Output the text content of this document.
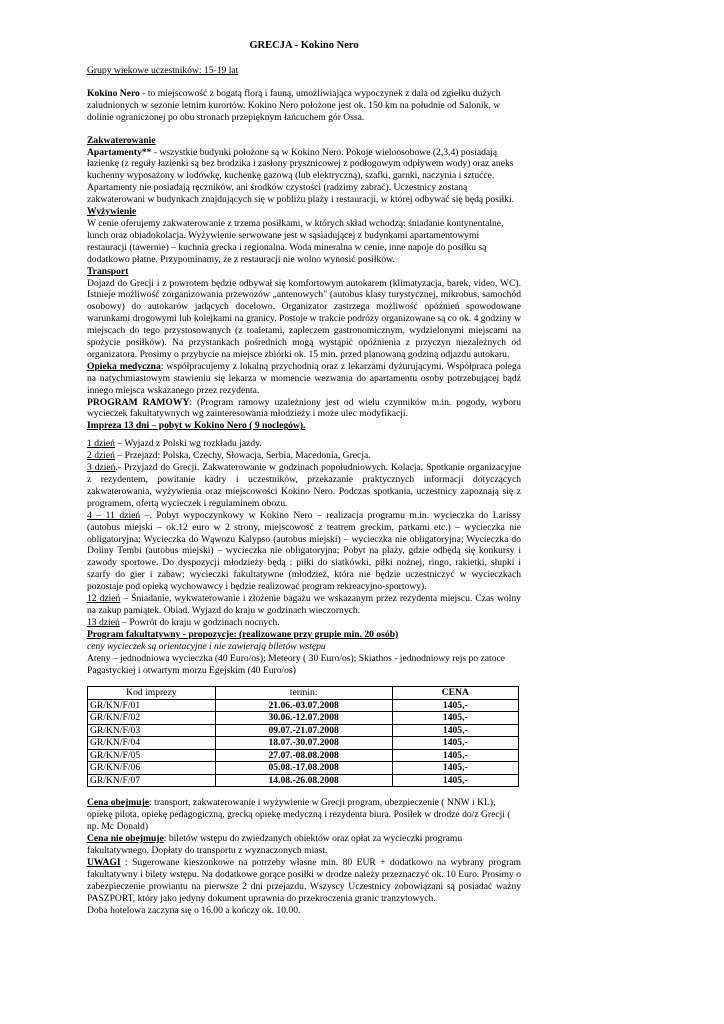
GRECJA - Kokino Nero

Grupy wiekowe uczestników: 15-19 lat

Kokino Nero - to miejscowość z bogatą florą i fauną, umożliwiająca wypoczynek z dala od zgiełku dużych zaludnionych w sezonie letnim kurortów. Kokino Nero położone jest ok. 150 km na południe od Salonik, w dolinie ograniczonej po obu stronach przepięknym łańcuchem gór Ossa.

Zakwaterowanie

Apartamenty** - wszystkie budynki położone są w Kokino Nero. Pokoje wieloosobowe (2,3,4) posiadają łazienkę (z reguły łazienki są bez brodzika i zasłony prysznicowej z podłogowym odpływem wody) oraz aneks kuchenny wyposażony w lodówkę, kuchenkę gazową (lub elektryczną), szafki, garnki, naczynia i sztućce. Apartamenty nie posiadają ręczników, ani środków czystości (radzimy zabrać). Uczestnicy zostaną zakwaterowani w budynkach znajdujących się w pobliżu plaży i restauracji, w której odbywać się będą posiłki.

Wyżywienie

W cenie oferujemy zakwaterowanie z trzema posiłkami, w których skład wchodzą: śniadanie kontynentalne, lunch oraz obiadokolacja. Wyżywienie serwowane jest w sąsiadującej z budynkami apartamentowymi restauracji (tawernie) – kuchnia grecka i regionalna. Woda mineralna w cenie, inne napoje do posiłku są dodatkowo płatne. Przypominamy, że z restauracji nie wolno wynosić posiłków.

Transport

Dojazd do Grecji i z powrotem będzie odbywał się komfortowym autokarem (klimatyzacja, barek, video, WC). Istnieje możliwość zorganizowania przewozów „antenowych" (autobus klasy turystycznej, mikrobus, samochód osobowy) do autokarów jadących docelowo. Organizator zastrzega możliwość opóźnień spowodowane warunkami drogowymi lub kolejkami na granicy. Postoje w trakcie podróży organizowane są co ok. 4 godziny w miejscach do tego przystosowanych (z toaletami, zapleczem gastronomicznym, wydzielonymi miejscami na spożycie posiłków). Na przystankach pośrednich mogą wystąpić opóźnienia z przyczyn niezależnych od organizatora. Prosimy o przybycie na miejsce zbiórki ok. 15 min. przed planowaną godziną odjazdu autokaru.

Opieka medyczna: współpracujemy z lokalną przychodnią oraz z lekarzami dyżurującymi. Współpraca polega na natychmiastowym stawieniu się lekarza w momencie wezwania do apartamentu osoby potrzebującej bądź innego miejsca wskazanego przez rezydenta.

PROGRAM RAMOWY: (Program ramowy uzależniony jest od wielu czynników m.in. pogody, wyboru wycieczek fakultatywnych wg zainteresowania młodzieży i może ulec modyfikacji.

Impreza 13 dni – pobyt w Kokino Nero ( 9 noclegów).

1 dzień – Wyjazd z Polski wg rozkładu jazdy.

2 dzień – Przejazd: Polska, Czechy, Słowacja, Serbia, Macedonia, Grecja.

3 dzień.- Przyjazd do Grecji. Zakwaterowanie w godzinach popołudniowych. Kolacja. Spotkanie organizacyjne z rezydentem, powitanie kadry i uczestników, przekazanie praktycznych informacji dotyczących zakwaterowania, wyżywienia oraz miejscowości Kokino Nero. Podczas spotkania, uczestnicy zapoznają się z programem, ofertą wycieczek i regulaminem obozu.

4 – 11 dzień –. Pobyt wypoczynkowy w Kokino Nero – realizacja programu m.in. wycieczka do Larissy (autobus miejski – ok.12 euro w 2 strony, miejscowość z teatrem greckim, parkami etc.) – wycieczka nie obligatoryjna; Wycieczka do Wąwozu Kalypso (autobus miejski) – wycieczka nie obligatoryjna; Wycieczka do Doliny Tembi (autobus miejski) – wycieczka nie obligatoryjna; Pobyt na plaży, gdzie odbędą się konkursy i zawody sportowe. Do dyspozycji młodzieży będą : piłki do siatkówki, piłki nożnej, ringo, rakietki, słupki i szarfy do gier i zabaw; wycieczki fakultatywne (młodzież, która nie będzie uczestniczyć w wycieczkach pozostaje pod opieką wychowawcy i będzie realizować program rekreacyjno-sportowy).

12 dzień – Śniadanie, wykwaterowanie i złożenie bagażu we wskazanym przez rezydenta miejscu. Czas wolny na zakup pamiątek. Obiad. Wyjazd do kraju w godzinach wieczornych.

13 dzień – Powrót do kraju w godzinach nocnych.

Program fakultatywny - propozycje: (realizowane przy grupie min. 20 osób)

ceny wycieczek są orientacyjne i nie zawierają biletów wstępu

Ateny – jednodniowa wycieczka (40 Euro/os); Meteory ( 30 Euro/os); Skiathos - jednodniowy rejs po zatoce Pagastyckiej i otwartym morzu Egejskim (40 Euro/os)

Kod imprezy	termin:	CENA
GR/KN/F/01	21.06.-03.07.2008	1405,-
GR/KN/F/02	30.06.-12.07.2008	1405,-
GR/KN/F/03	09.07.-21.07.2008	1405,-
GR/KN/F/04	18.07.-30.07.2008	1405,-
GR/KN/F/05	27.07.-08.08.2008	1405,-
GR/KN/F/06	05.08.-17.08.2008	1405,-
GR/KN/F/07	14.08.-26.08.2008	1405,-

Cena obejmuje: transport, zakwaterowanie i wyżywienie w Grecji program, ubezpieczenie ( NNW i KL), opiekę pilota, opiekę pedagogiczną, grecką opiekę medyczną i rezydenta biura. Posiłek w drodze do/z Grecji ( np. Mc Donald)

Cena nie obejmuje: biletów wstępu do zwiedzanych obiektów oraz opłat za wycieczki programu fakultatywnego. Dopłaty do transportu z wyznaczonych miast.

UWAGI : Sugerowane kieszonkowe na potrzeby własne min. 80 EUR + dodatkowo na wybrany program fakultatywny i bilety wstępu. Na dodatkowe gorące posiłki w drodze należy przeznaczyć ok. 10 Euro. Prosimy o zabezpieczenie prowiantu na pierwsze 2 dni przejazdu. Wszyscy Uczestnicy zobowiązani są posiadać ważny PASZPORT, który jako jedyny dokument uprawnia do przekroczenia granic tranzytowych.

Doba hotelowa zaczyna się o 16.00 a kończy ok. 10.00.
